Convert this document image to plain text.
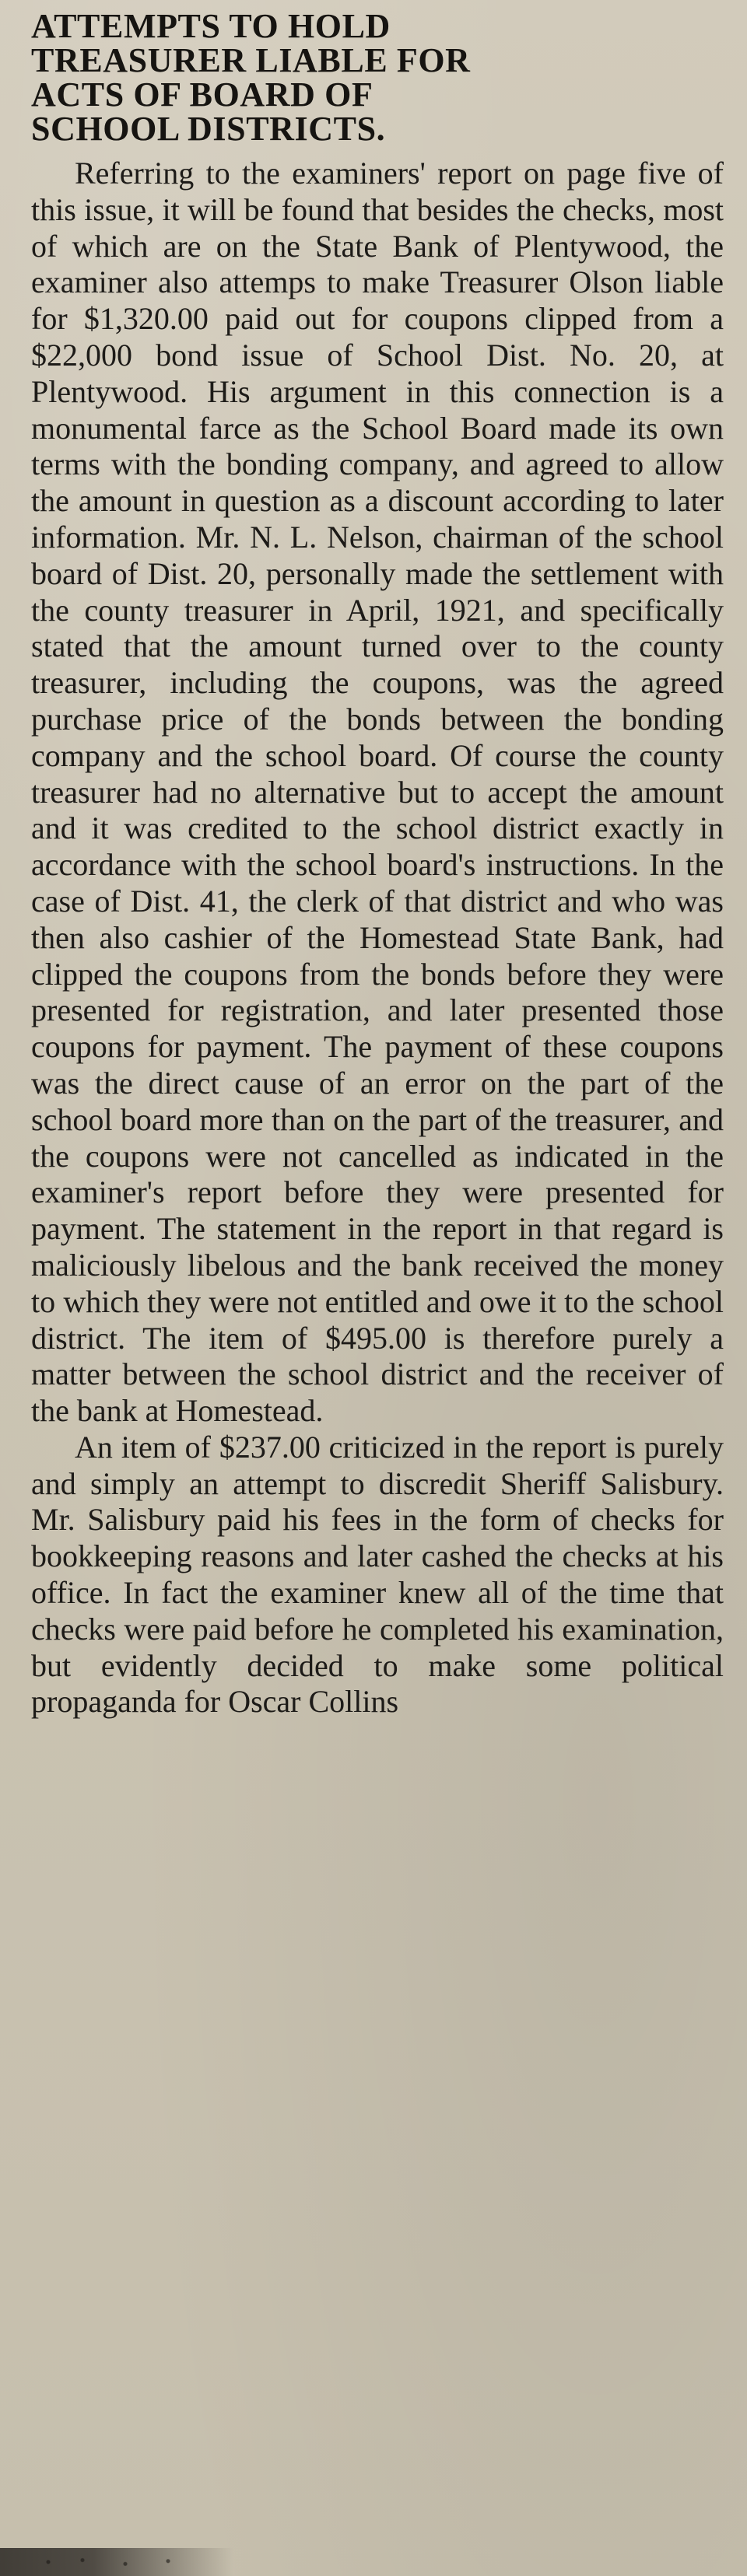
ATTEMPTS TO HOLD
TREASURER LIABLE FOR
ACTS OF BOARD OF
SCHOOL DISTRICTS.

Referring to the examiners' report on page five of this issue, it will be found that besides the checks, most of which are on the State Bank of Plentywood, the examiner also attemps to make Treasurer Olson liable for $1,320.00 paid out for coupons clipped from a $22,000 bond issue of School Dist. No. 20, at Plentywood. His argument in this connection is a monumental farce as the School Board made its own terms with the bonding company, and agreed to allow the amount in question as a discount according to later information. Mr. N. L. Nelson, chairman of the school board of Dist. 20, personally made the settlement with the county treasurer in April, 1921, and specifically stated that the amount turned over to the county treasurer, including the coupons, was the agreed purchase price of the bonds between the bonding company and the school board. Of course the county treasurer had no alternative but to accept the amount and it was credited to the school district exactly in accordance with the school board's instructions. In the case of Dist. 41, the clerk of that district and who was then also cashier of the Homestead State Bank, had clipped the coupons from the bonds before they were presented for registration, and later presented those coupons for payment. The payment of these coupons was the direct cause of an error on the part of the school board more than on the part of the treasurer, and the coupons were not cancelled as indicated in the examiner's report before they were presented for payment. The statement in the report in that regard is maliciously libelous and the bank received the money to which they were not entitled and owe it to the school district. The item of $495.00 is therefore purely a matter between the school district and the receiver of the bank at Homestead.

An item of $237.00 criticized in the report is purely and simply an attempt to discredit Sheriff Salisbury. Mr. Salisbury paid his fees in the form of checks for bookkeeping reasons and later cashed the checks at his office. In fact the examiner knew all of the time that checks were paid before he completed his examination, but evidently decided to make some political propaganda for Oscar Collins
